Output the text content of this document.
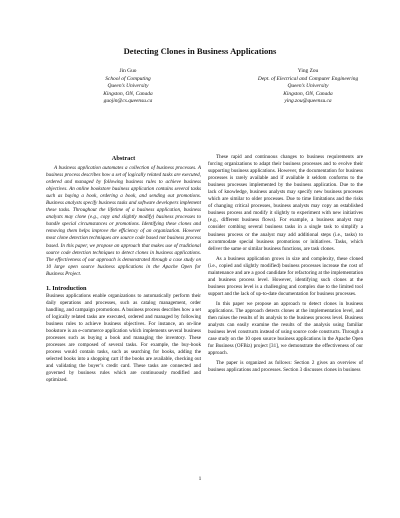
Detecting Clones in Business Applications
Jin Guo
School of Computing
Queen’s University
Kingston, ON, Canada
guojin@cs.queensu.ca
Ying Zou
Dept. of Electrical and Computer Engineering
Queen’s University
Kingston, ON, Canada
ying.zou@queensu.ca
Abstract

A business application automates a collection of business processes. A business process describes how a set of logically related tasks are executed, ordered and managed by following business rules to achieve business objectives. An online bookstore business application contains several tasks such as buying a book, ordering a book, and sending out promotions. Business analysts specify business tasks and software developers implement these tasks. Throughout the lifetime of a business application, business analysts may clone (e.g., copy and slightly modify) business processes to handle special circumstances or promotions. Identifying these clones and removing them helps improve the efficiency of an organization. However most clone detection techniques are source code based not business process based. In this paper, we propose an approach that makes use of traditional source code detection techniques to detect clones in business applications. The effectiveness of our approach is demonstrated through a case study on 10 large open source business applications in the Apache Open for Business Project.

1. Introduction

Business applications enable organizations to automatically perform their daily operations and processes, such as catalog management, order handling, and campaign promotions. A business process describes how a set of logically related tasks are executed, ordered and managed by following business rules to achieve business objectives. For instance, an on-line bookstore is an e-commerce application which implements several business processes such as buying a book and managing the inventory. These processes are composed of several tasks. For example, the buy-book process would contain tasks, such as searching for books, adding the selected books into a shopping cart if the books are available, checking out and validating the buyer’s credit card. These tasks are connected and governed by business rules which are continuously modified and optimized.

These rapid and continuous changes to business requirements are forcing organizations to adapt their business processes and to evolve their supporting business applications. However, the documentation for business processes is rarely available and if available it seldom conforms to the business processes implemented by the business application. Due to the lack of knowledge, business analysts may specify new business processes which are similar to older processes. Due to time limitations and the risks of changing critical processes, business analysts may copy an established business process and modify it slightly to experiment with new initiatives (e.g., different business flows). For example, a business analyst may consider combing several business tasks in a single task to simplify a business process or the analyst may add additional steps (i.e., tasks) to accommodate special business promotions or initiatives. Tasks, which deliver the same or similar business functions, are task clones.

As a business application grows in size and complexity, these cloned (i.e., copied and slightly modified) business processes increase the cost of maintenance and are a good candidate for refactoring at the implementation and business process level. However, identifying such clones at the business process level is a challenging and complex due to the limited tool support and the lack of up-to-date documentation for business processes.

In this paper we propose an approach to detect clones in business applications. The approach detects clones at the implementation level, and then raises the results of its analysis to the business process level. Business analysts can easily examine the results of the analysis using familiar business level constructs instead of using source code constructs. Through a case study on the 10 open source business applications in the Apache Open for Business (OFBiz) project [31], we demonstrate the effectiveness of our approach.

The paper is organized as follows: Section 2 gives an overview of business applications and processes. Section 3 discusses clones in business

1
